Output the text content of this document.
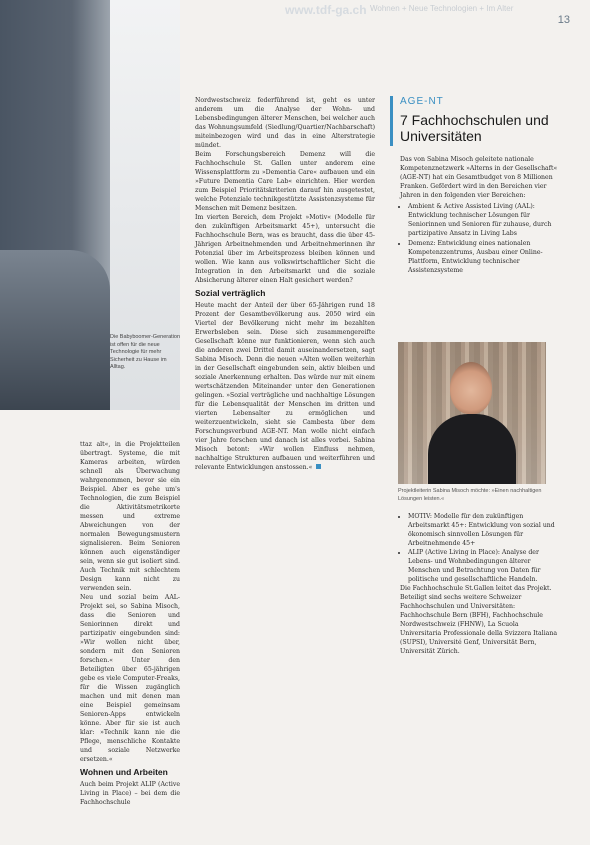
www.tdf-ga.ch Wohnen + Neue Technologien + Im Alter
13
Die Babyboomer-Generation ist offen für die neue Technologie für mehr Sicherheit zu Hause im Alltag.

ttaz alt«, in die Projektteilen übertragt. Systeme, die mit Kameras arbeiten, würden schnell als Überwachung wahrgenommen, bevor sie ein Beispiel. Aber es gehe um's Technologien, die zum Beispiel die Aktivitätsmetrikorte messen und extreme Abweichungen von der normalen Bewegungsmustern signalisieren. Beim Senioren können auch eigenständiger sein, wenn sie gut isoliert sind. Auch Technik mit schlechtem Design kann nicht zu verwenden sein.

Neu und sozial beim AAL-Projekt sei, so Sabina Misoch, dass die Senioren und Seniorinnen direkt und partizipativ eingebunden sind: »Wir wollen nicht über, sondern mit den Senioren forschen.« Unter den Beteiligten über 65-jährigen gebe es viele Computer-Freaks, für die Wissen zugänglich machen und mit denen man eine Beispiel gemeinsam Senioren-Apps entwickeln könne. Aber für sie ist auch klar: »Technik kann nie die Pflege, menschliche Kontakte und soziale Netzwerke ersetzen.«

Wohnen und Arbeiten

Auch beim Projekt ALIP (Active Living in Place) – bei dem die Fachhochschule

Nordwestschweiz federführend ist, geht es unter anderem um die Analyse der Wohn- und Lebensbedingungen älterer Menschen, bei welcher auch das Wohnungsumfeld (Siedlung/Quartier/Nachbarschaft) miteinbezogen wird und das in eine Alterstrategie mündet.

Beim Forschungsbereich Demenz will die Fachhochschule St. Gallen unter anderem eine Wissensplattform zu »Dementia Care« aufbauen und ein »Future Dementia Care Lab« einrichten. Hier werden zum Beispiel Prioritätskriterien darauf hin ausgetestet, welche Potenziale technikgestützte Assistenzsysteme für Menschen mit Demenz besitzen.

Im vierten Bereich, dem Projekt »Motiv« (Modelle für den zukünftigen Arbeitsmarkt 45+), untersucht die Fachhochschule Bern, was es braucht, dass die über 45-Jährigen Arbeitnehmenden und Arbeitnehmerinnen ihr Potenzial über im Arbeitsprozess bleiben können und wollen. Wie kann aus volkswirtschaftlicher Sicht die Integration in den Arbeitsmarkt und die soziale Absicherung älterer einen Halt gesichert werden?

Sozial verträglich

Heute macht der Anteil der über 65-Jährigen rund 18 Prozent der Gesamtbevölkerung aus. 2050 wird ein Viertel der Bevölkerung nicht mehr im bezahlten Erwerbsleben sein. Diese sich zusammengereifte Gesellschaft könne nur funktionieren, wenn sich auch die anderen zwei Drittel damit auseinandersetzen, sagt Sabina Misoch. Denn die neuen »Alten wollen weiterhin in der Gesellschaft eingebunden sein, aktiv bleiben und soziale Anerkennung erhalten. Das würde nur mit einem wertschätzenden Miteinander unter den Generationen gelingen. »Sozial verträgliche und nachhaltige Lösungen für die Lebensqualität der Menschen im dritten und vierten Lebensalter zu ermöglichen und weiterzuentwickeln, sieht sie Cambesta über dem Forschungsverbund AGE-NT. Man wolle nicht einfach vier Jahre forschen und danach ist alles vorbei. Sabina Misoch betont: »Wir wollen Einfluss nehmen, nachhaltige Strukturen aufbauen und weiterführen und relevante Entwicklungen anstossen.«

AGE-NT
7 Fachhochschulen und Universitäten

Das von Sabina Misoch geleitete nationale Kompetenznetzwerk »Alterns in der Gesellschaft« (AGE-NT) hat ein Gesamtbudget von 8 Millionen Franken. Gefördert wird in den Bereichen vier Jahren in den folgenden vier Bereichen:

• Ambient & Active Assisted Living (AAL): Entwicklung technischer Lösungen für Seniorinnen und Senioren für zuhause, durch partizipative Ansatz in Living Labs
• Demenz: Entwicklung eines nationalen Kompetenzzentrums, Ausbau einer Online-Plattform, Entwicklung technischer Assistenzsysteme
Projektleiterin Sabina Misoch möchte: »Einen nachhaltigen Lösungen leisten.«
• MOTIV: Modelle für den zukünftigen Arbeitsmarkt 45+: Entwicklung von sozial und ökonomisch sinnvollen Lösungen für Arbeitnehmende 45+
• ALIP (Active Living in Place): Analyse der Lebens- und Wohnbedingungen älterer Menschen und Betrachtung von Daten für politische und gesellschaftliche Handeln.

Die Fachhochschule St.Gallen leitet das Projekt. Beteiligt sind sechs weitere Schweizer Fachhochschulen und Universitäten: Fachhochschule Bern (BFH), Fachhochschule Nordwestschweiz (FHNW), La Scuola Universitaria Professionale della Svizzera Italiana (SUPSI), Université Genf, Universität Bern, Universität Zürich.
